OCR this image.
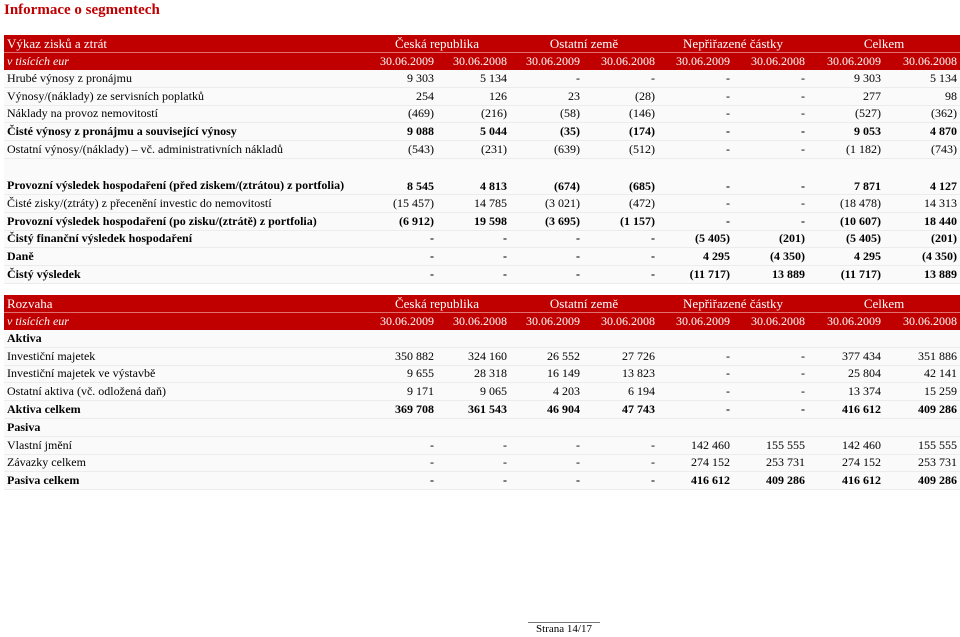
Informace o segmentech
Výkaz zisků a ztrát	Česká republika		Ostatní země		Nepřiřazené částky		Celkem	
v tisících eur	30.06.2009	30.06.2008	30.06.2009	30.06.2008	30.06.2009	30.06.2008	30.06.2009	30.06.2008
Hrubé výnosy z pronájmu	9 303	5 134	-	-	-	-	9 303	5 134
Výnosy/(náklady) ze servisních poplatků	254	126	23	(28)	-	-	277	98
Náklady na provoz nemovitostí	(469)	(216)	(58)	(146)	-	-	(527)	(362)
Čisté výnosy z pronájmu a související výnosy	9 088	5 044	(35)	(174)	-	-	9 053	4 870
Ostatní výnosy/(náklady) – vč. administrativních nákladů	(543)	(231)	(639)	(512)	-	-	(1 182)	(743)
Provozní výsledek hospodaření (před ziskem/(ztrátou) z portfolia)	8 545	4 813	(674)	(685)	-	-	7 871	4 127
Čisté zisky/(ztráty) z přecenění investic do nemovitostí	(15 457)	14 785	(3 021)	(472)	-	-	(18 478)	14 313
Provozní výsledek hospodaření (po zisku/(ztrátě) z portfolia)	(6 912)	19 598	(3 695)	(1 157)	-	-	(10 607)	18 440
Čistý finanční výsledek hospodaření	-	-	-	-	(5 405)	(201)	(5 405)	(201)
Daně	-	-	-	-	4 295	(4 350)	4 295	(4 350)
Čistý výsledek	-	-	-	-	(11 717)	13 889	(11 717)	13 889
Rozvaha	Česká republika		Ostatní země		Nepřiřazené částky		Celkem	
v tisících eur	30.06.2009	30.06.2008	30.06.2009	30.06.2008	30.06.2009	30.06.2008	30.06.2009	30.06.2008
Aktiva								
Investiční majetek	350 882	324 160	26 552	27 726	-	-	377 434	351 886
Investiční majetek ve výstavbě	9 655	28 318	16 149	13 823	-	-	25 804	42 141
Ostatní aktiva (vč. odložená daň)	9 171	9 065	4 203	6 194	-	-	13 374	15 259
Aktiva celkem	369 708	361 543	46 904	47 743	-	-	416 612	409 286
Pasiva								
Vlastní jmění	-	-	-	-	142 460	155 555	142 460	155 555
Závazky celkem	-	-	-	-	274 152	253 731	274 152	253 731
Pasiva celkem	-	-	-	-	416 612	409 286	416 612	409 286
Strana 14/17
